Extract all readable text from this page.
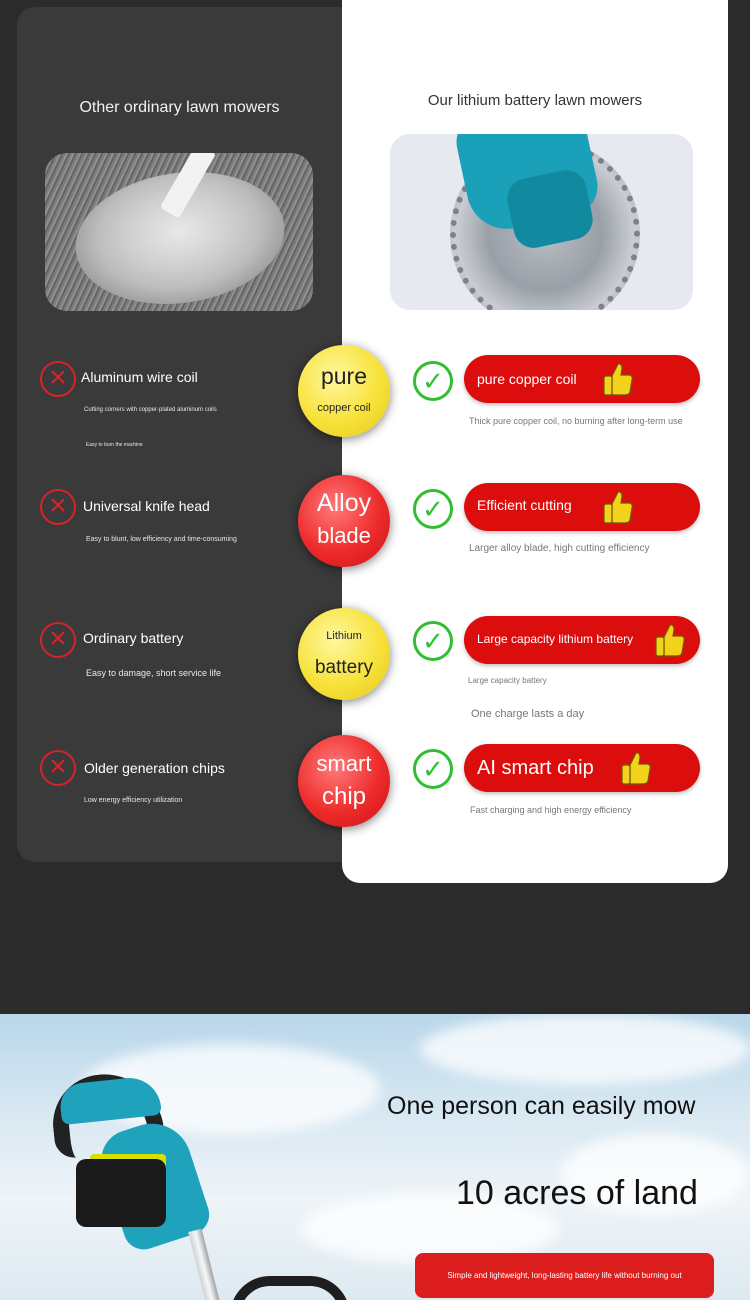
Other ordinary lawn mowers	Our lithium battery lawn mowers
×	Aluminum wire coil
Cutting corners with copper-plated aluminum coils
Easy to burn the machine
pure
copper coil
✓	pure copper coil
Thick pure copper coil, no burning after long-term use
×	Universal knife head
Easy to blunt, low efficiency and time-consuming
Alloy
blade
✓	Efficient cutting
Larger alloy blade, high cutting efficiency
×	Ordinary battery
Easy to damage, short service life
Lithium
battery
✓	Large capacity lithium battery
Large capacity battery
One charge lasts a day
×	Older generation chips
Low energy efficiency utilization
smart
chip
✓	AI smart chip
Fast charging and high energy efficiency
One person can easily mow
10 acres of land
Simple and lightweight, long-lasting battery life without burning out
